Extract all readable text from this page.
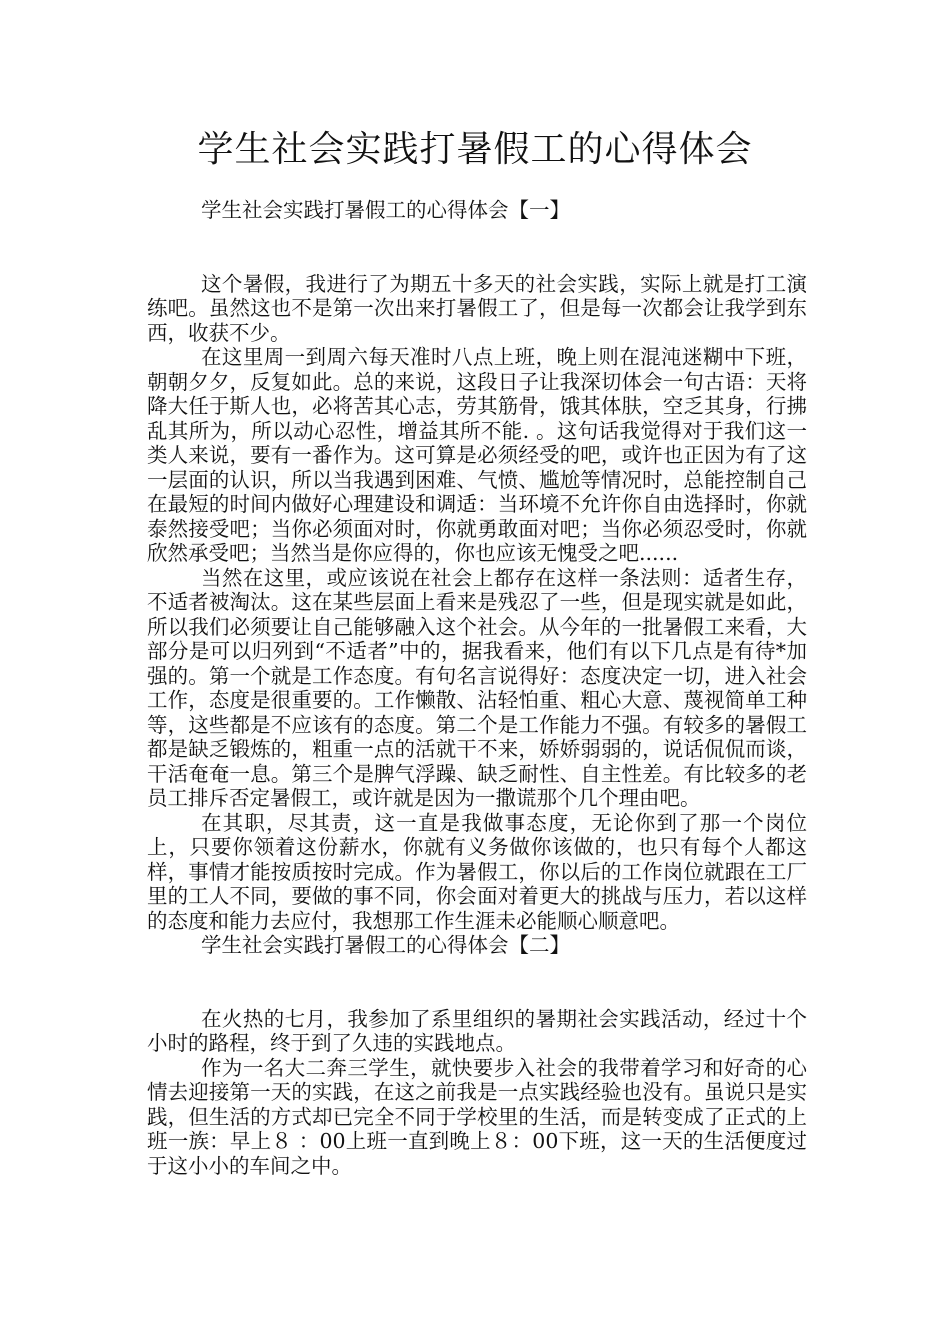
学生社会实践打暑假工的心得体会
学生社会实践打暑假工的心得体会【一】

这个暑假，我进行了为期五十多天的社会实践，实际上就是打工演练吧。虽然这也不是第一次出来打暑假工了，但是每一次都会让我学到东西，收获不少。

在这里周一到周六每天准时八点上班，晚上则在混沌迷糊中下班，朝朝夕夕，反复如此。总的来说，这段日子让我深切体会一句古语：天将降大任于斯人也，必将苦其心志，劳其筋骨，饿其体肤，空乏其身，行拂乱其所为，所以动心忍性，增益其所不能. 。这句话我觉得对于我们这一类人来说，要有一番作为。这可算是必须经受的吧，或许也正因为有了这一层面的认识，所以当我遇到困难、气愤、尴尬等情况时，总能控制自己在最短的时间内做好心理建设和调适：当环境不允许你自由选择时，你就泰然接受吧；当你必须面对时，你就勇敢面对吧；当你必须忍受时，你就欣然承受吧；当然当是你应得的，你也应该无愧受之吧......

当然在这里，或应该说在社会上都存在这样一条法则：适者生存，不适者被淘汰。这在某些层面上看来是残忍了一些，但是现实就是如此，所以我们必须要让自己能够融入这个社会。从今年的一批暑假工来看，大部分是可以归列到“不适者”中的，据我看来，他们有以下几点是有待*加强的。第一个就是工作态度。有句名言说得好：态度决定一切，进入社会工作，态度是很重要的。工作懒散、沾轻怕重、粗心大意、蔑视简单工种等，这些都是不应该有的态度。第二个是工作能力不强。有较多的暑假工都是缺乏锻炼的，粗重一点的活就干不来，娇娇弱弱的，说话侃侃而谈，干活奄奄一息。第三个是脾气浮躁、缺乏耐性、自主性差。有比较多的老员工排斥否定暑假工，或许就是因为一撒谎那个几个理由吧。

在其职，尽其责，这一直是我做事态度，无论你到了那一个岗位上，只要你领着这份薪水，你就有义务做你该做的，也只有每个人都这样，事情才能按质按时完成。作为暑假工，你以后的工作岗位就跟在工厂里的工人不同，要做的事不同，你会面对着更大的挑战与压力，若以这样的态度和能力去应付，我想那工作生涯未必能顺心顺意吧。

学生社会实践打暑假工的心得体会【二】

在火热的七月，我参加了系里组织的暑期社会实践活动，经过十个小时的路程，终于到了久违的实践地点。

作为一名大二奔三学生，就快要步入社会的我带着学习和好奇的心情去迎接第一天的实践，在这之前我是一点实践经验也没有。虽说只是实践，但生活的方式却已完全不同于学校里的生活，而是转变成了正式的上班一族：早上８ ：00上班一直到晚上８：00下班，这一天的生活便度过于这小小的车间之中。
